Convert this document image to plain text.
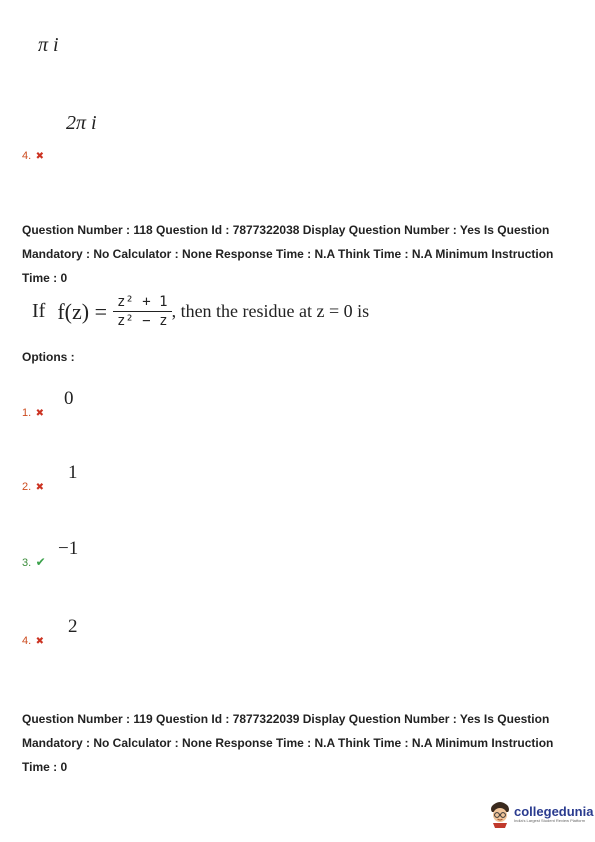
π i
2π i
4. ✖
Question Number : 118 Question Id : 7877322038 Display Question Number : Yes Is Question
Mandatory : No Calculator : None Response Time : N.A Think Time : N.A Minimum Instruction
Time : 0
If $f(z) = \frac{\text{z² + 1}}{\text{z² − z}}$ , then the residue at z = 0 is
Options :
0
1. ✖
1
2. ✖
−1
3. ✔
2
4. ✖
Question Number : 119 Question Id : 7877322039 Display Question Number : Yes Is Question
Mandatory : No Calculator : None Response Time : N.A Think Time : N.A Minimum Instruction
Time : 0
collegedunia
India's Largest Student Review Platform
